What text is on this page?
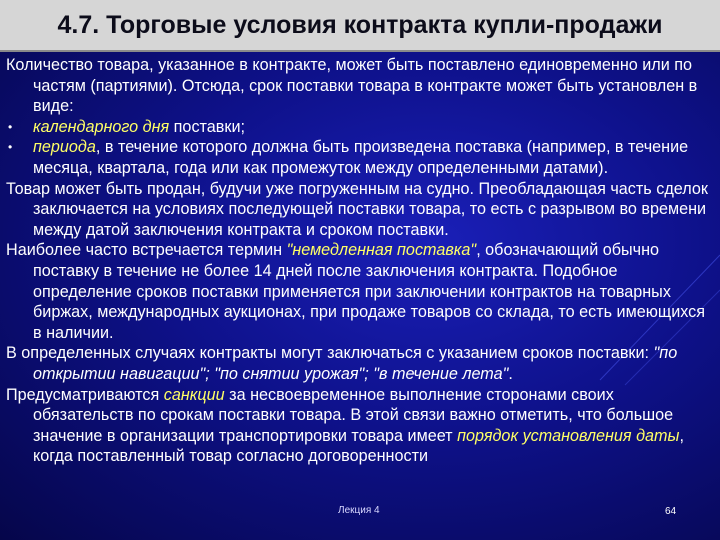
4.7. Торговые условия контракта купли-продажи

Количество товара, указанное в контракте, может быть поставлено единовременно или по частям (партиями). Отсюда, срок поставки товара в контракте может быть установлен в виде:

• календарного дня поставки;

• периода, в течение которого должна быть произведена поставка (например, в течение месяца, квартала, года или как промежуток между определенными датами).

Товар может быть продан, будучи уже погруженным на судно. Преобладающая часть сделок заключается на условиях последующей поставки товара, то есть с разрывом во времени между датой заключения контракта и сроком поставки.

Наиболее часто встречается термин "немедленная поставка", обозначающий обычно поставку в течение не более 14 дней после заключения контракта. Подобное определение сроков поставки применяется при заключении контрактов на товарных биржах, международных аукционах, при продаже товаров со склада, то есть имеющихся в наличии.

В определенных случаях контракты могут заключаться с указанием сроков поставки: "по открытии навигации"; "по снятии урожая"; "в течение лета".

Предусматриваются санкции за несвоевременное выполнение сторонами своих обязательств по срокам поставки товара. В этой связи важно отметить, что большое значение в организации транспортировки товара имеет порядок установления даты, когда поставленный товар согласно договоренности

Лекция 4	64
